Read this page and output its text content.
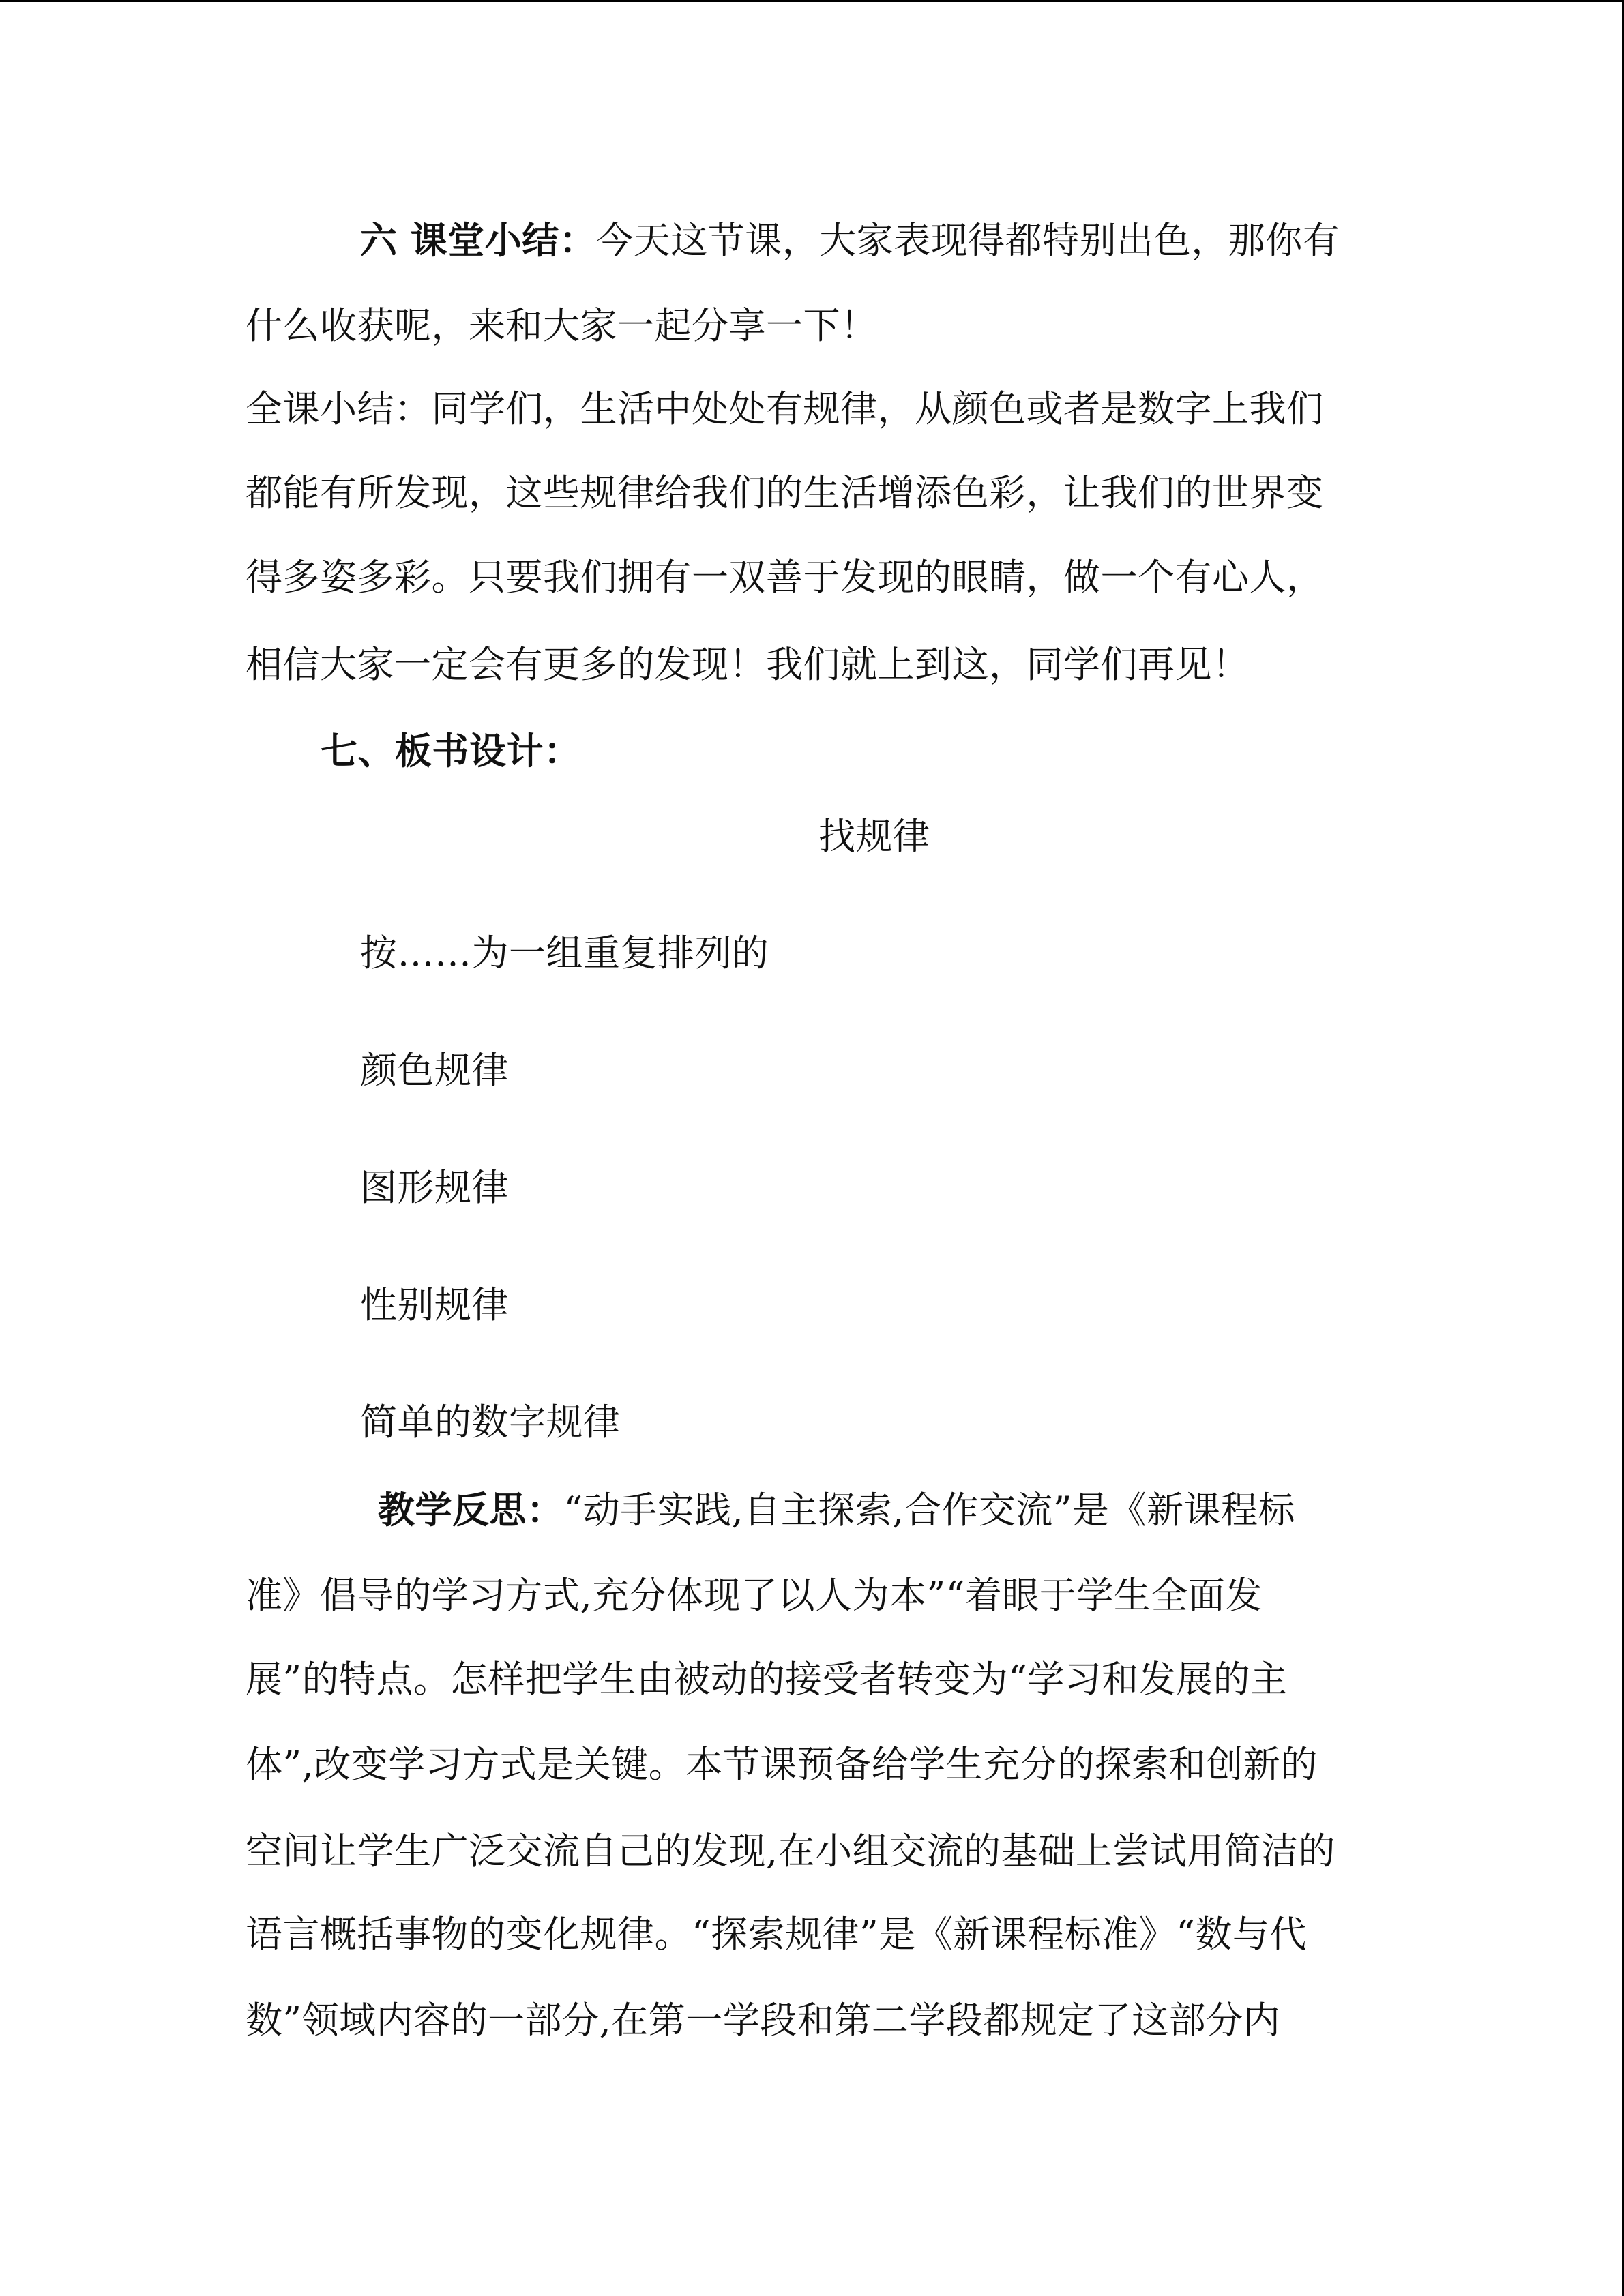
六 课堂小结：今天这节课，大家表现得都特别出色，那你有
什么收获呢，来和大家一起分享一下！
全课小结：同学们，生活中处处有规律，从颜色或者是数字上我们
都能有所发现，这些规律给我们的生活增添色彩，让我们的世界变
得多姿多彩。只要我们拥有一双善于发现的眼睛，做一个有心人，
相信大家一定会有更多的发现！我们就上到这，同学们再见！
七、板书设计：
找规律
按……为一组重复排列的
颜色规律
图形规律
性别规律
简单的数字规律
教学反思：“动手实践,自主探索,合作交流”是《新课程标
准》倡导的学习方式,充分体现了以人为本”“着眼于学生全面发
展”的特点。怎样把学生由被动的接受者转变为“学习和发展的主
体”,改变学习方式是关键。本节课预备给学生充分的探索和创新的
空间让学生广泛交流自己的发现,在小组交流的基础上尝试用简洁的
语言概括事物的变化规律。“探索规律”是《新课程标准》“数与代
数”领域内容的一部分,在第一学段和第二学段都规定了这部分内
